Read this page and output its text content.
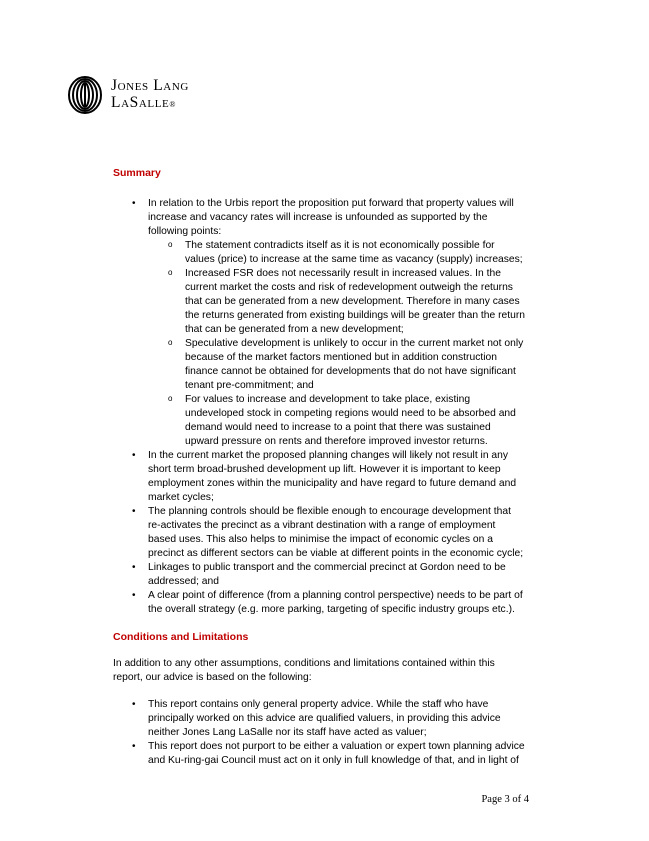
Jones Lang
LaSalle®

Summary

• In relation to the Urbis report the proposition put forward that property values will increase and vacancy rates will increase is unfounded as supported by the following points:
o The statement contradicts itself as it is not economically possible for values (price) to increase at the same time as vacancy (supply) increases;
o Increased FSR does not necessarily result in increased values. In the current market the costs and risk of redevelopment outweigh the returns that can be generated from a new development. Therefore in many cases the returns generated from existing buildings will be greater than the return that can be generated from a new development;
o Speculative development is unlikely to occur in the current market not only because of the market factors mentioned but in addition construction finance cannot be obtained for developments that do not have significant tenant pre-commitment; and
o For values to increase and development to take place, existing undeveloped stock in competing regions would need to be absorbed and demand would need to increase to a point that there was sustained upward pressure on rents and therefore improved investor returns.
• In the current market the proposed planning changes will likely not result in any short term broad-brushed development up lift. However it is important to keep employment zones within the municipality and have regard to future demand and market cycles;
• The planning controls should be flexible enough to encourage development that re-activates the precinct as a vibrant destination with a range of employment based uses. This also helps to minimise the impact of economic cycles on a precinct as different sectors can be viable at different points in the economic cycle;
• Linkages to public transport and the commercial precinct at Gordon need to be addressed; and
• A clear point of difference (from a planning control perspective) needs to be part of the overall strategy (e.g. more parking, targeting of specific industry groups etc.).

Conditions and Limitations

In addition to any other assumptions, conditions and limitations contained within this report, our advice is based on the following:

• This report contains only general property advice. While the staff who have principally worked on this advice are qualified valuers, in providing this advice neither Jones Lang LaSalle nor its staff have acted as valuer;
• This report does not purport to be either a valuation or expert town planning advice and Ku-ring-gai Council must act on it only in full knowledge of that, and in light of
Page 3 of 4
